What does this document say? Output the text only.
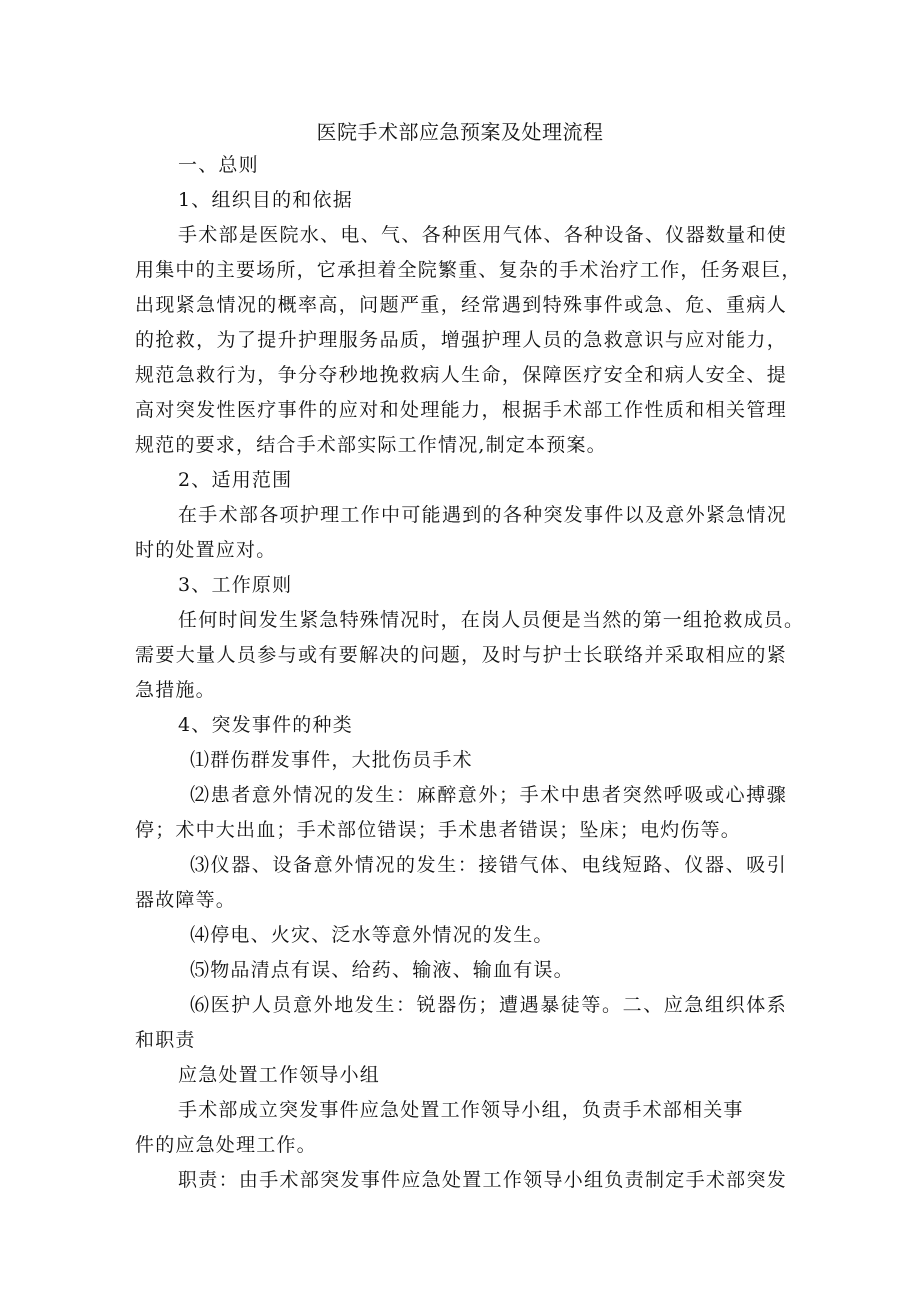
医院手术部应急预案及处理流程
一、总则
1、组织目的和依据
手术部是医院水、电、气、各种医用气体、各种设备、仪器数量和使
用集中的主要场所，它承担着全院繁重、复杂的手术治疗工作，任务艰巨，
出现紧急情况的概率高，问题严重，经常遇到特殊事件或急、危、重病人
的抢救，为了提升护理服务品质，增强护理人员的急救意识与应对能力，
规范急救行为，争分夺秒地挽救病人生命，保障医疗安全和病人安全、提
高对突发性医疗事件的应对和处理能力，根据手术部工作性质和相关管理
规范的要求，结合手术部实际工作情况,制定本预案。
2、适用范围
在手术部各项护理工作中可能遇到的各种突发事件以及意外紧急情况
时的处置应对。
3、工作原则
任何时间发生紧急特殊情况时，在岗人员便是当然的第一组抢救成员。
需要大量人员参与或有要解决的问题，及时与护士长联络并采取相应的紧
急措施。
4、突发事件的种类
⑴群伤群发事件，大批伤员手术
⑵患者意外情况的发生：麻醉意外；手术中患者突然呼吸或心搏骤
停；术中大出血；手术部位错误；手术患者错误；坠床；电灼伤等。
⑶仪器、设备意外情况的发生：接错气体、电线短路、仪器、吸引
器故障等。
⑷停电、火灾、泛水等意外情况的发生。
⑸物品清点有误、给药、输液、输血有误。
⑹医护人员意外地发生：锐器伤；遭遇暴徒等。二、应急组织体系
和职责
应急处置工作领导小组
手术部成立突发事件应急处置工作领导小组，负责手术部相关事
件的应急处理工作。
职责：由手术部突发事件应急处置工作领导小组负责制定手术部突发
